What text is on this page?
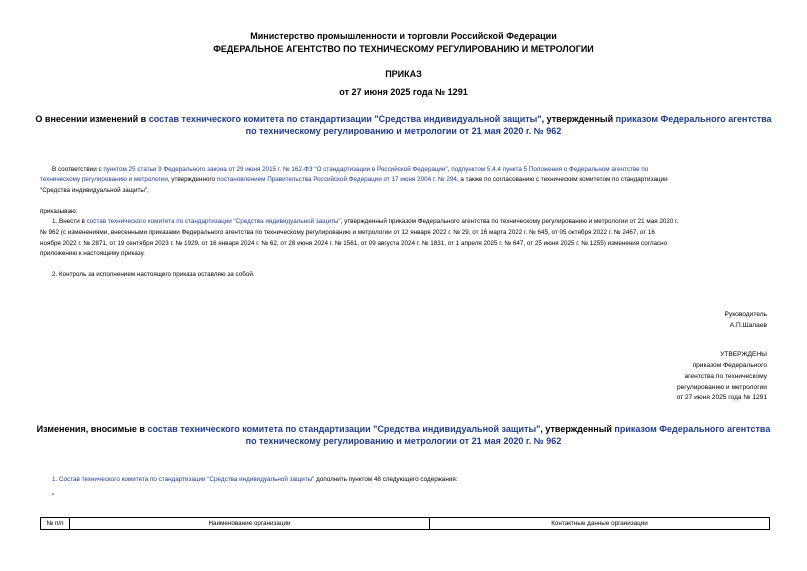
Министерство промышленности и торговли Российской Федерации
ФЕДЕРАЛЬНОЕ АГЕНТСТВО ПО ТЕХНИЧЕСКОМУ РЕГУЛИРОВАНИЮ И МЕТРОЛОГИИ
ПРИКАЗ
от 27 июня 2025 года № 1291
О внесении изменений в состав технического комитета по стандартизации "Средства индивидуальной защиты", утвержденный приказом Федерального агентства
по техническому регулированию и метрологии от 21 мая 2020 г. № 962
В соответствии с пунктом 25 статьи 9 Федерального закона от 29 июня 2015 г. № 162-ФЗ "О стандартизации в Российской Федерации", подпунктом 5.4.4 пункта 5 Положения о Федеральном агентстве по
техническому регулированию и метрологии, утвержденного постановлением Правительства Российской Федерации от 17 июня 2004 г. № 294, а также по согласованию с техническим комитетом по стандартизации
"Средства индивидуальной защиты",
приказываю:
1. Внести в состав технического комитета по стандартизации "Средства индивидуальной защиты", утвержденный приказом Федерального агентства по техническому регулированию и метрологии от 21 мая 2020 г.
№ 962 (с изменениями, внесенными приказами Федерального агентства по техническому регулированию и метрологии от 12 января 2022 г. № 29, от 16 марта 2022 г. № 645, от 05 октября 2022 г. № 2467, от 16
ноября 2022 г. № 2871, от 19 сентября 2023 г. № 1929, от 16 января 2024 г. № 62, от 28 июня 2024 г. № 1561, от 09 августа 2024 г. № 1831, от 1 апреля 2025 г. № 647, от 25 июня 2025 г. № 1255) изменения согласно
приложению к настоящему приказу.
2. Контроль за исполнением настоящего приказа оставляю за собой.
Руководитель
А.П.Шалаев
УТВЕРЖДЕНЫ
приказом Федерального
агентства по техническому
регулированию и метрологии
от 27 июня 2025 года № 1291
Изменения, вносимые в состав технического комитета по стандартизации "Средства индивидуальной защиты", утвержденный приказом Федерального агентства
по техническому регулированию и метрологии от 21 мая 2020 г. № 962
1. Состав технического комитета по стандартизации "Средства индивидуальной защиты" дополнить пунктом 48 следующего содержания:
"
№ п/п	Наименование организации	Контактные данные организации
